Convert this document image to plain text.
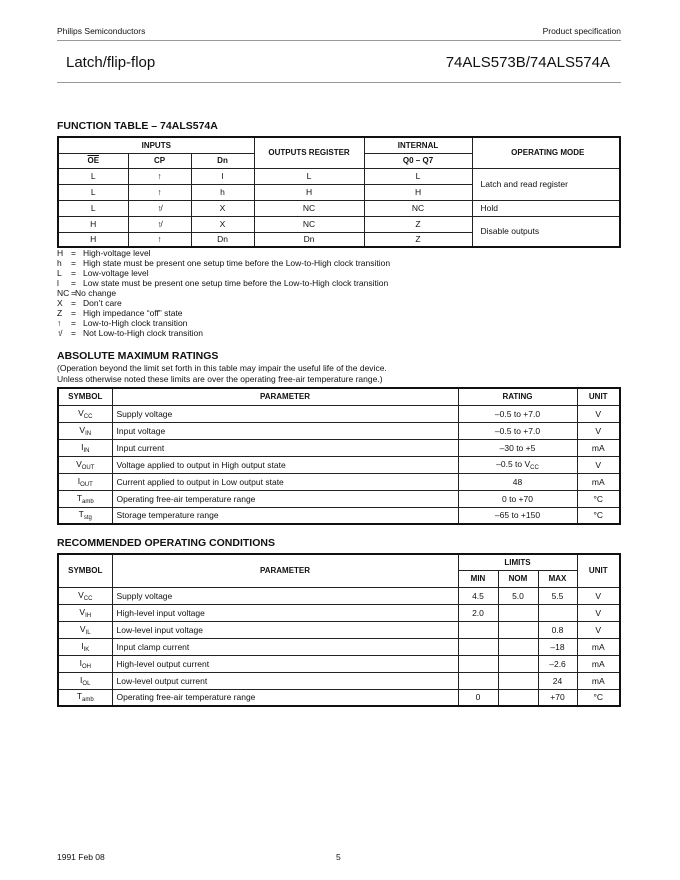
Philips Semiconductors	Product specification
Latch/flip-flop	74ALS573B/74ALS574A
FUNCTION TABLE – 74ALS574A
INPUTS			OUTPUTS REGISTER	INTERNAL	OPERATING MODE
$\overline{OE}$	CP	Dn		Q0 – Q7	
L	↑	l	L	L	Latch and read register
L	↑	h	H	H	
L	↑̸	X	NC	NC	Hold
H	↑̸	X	NC	Z	Disable outputs
H	↑	Dn	Dn	Z	
H = High-voltage level
h = High state must be present one setup time before the Low-to-High clock transition
L = Low-voltage level
l = Low state must be present one setup time before the Low-to-High clock transition
NC =No change
X = Don’t care
Z = High impedance “off” state
↑ = Low-to-High clock transition
↑̸ = Not Low-to-High clock transition
ABSOLUTE MAXIMUM RATINGS
(Operation beyond the limit set forth in this table may impair the useful life of the device.
Unless otherwise noted these limits are over the operating free-air temperature range.)
SYMBOL	PARAMETER	RATING	UNIT
$V_{CC}$	Supply voltage	–0.5 to +7.0	V
$V_{IN}$	Input voltage	–0.5 to +7.0	V
$I_{IN}$	Input current	–30 to +5	mA
$V_{OUT}$	Voltage applied to output in High output state	–0.5 to $V_{CC}$	V
$I_{OUT}$	Current applied to output in Low output state	48	mA
$T_{amb}$	Operating free-air temperature range	0 to +70	°C
$T_{stg}$	Storage temperature range	–65 to +150	°C
RECOMMENDED OPERATING CONDITIONS
SYMBOL	PARAMETER	LIMITS			UNIT
		MIN	NOM	MAX	
$V_{CC}$	Supply voltage	4.5	5.0	5.5	V
$V_{IH}$	High-level input voltage	2.0			V
$V_{IL}$	Low-level input voltage			0.8	V
$I_{IK}$	Input clamp current			–18	mA
$I_{OH}$	High-level output current			–2.6	mA
$I_{OL}$	Low-level output current			24	mA
$T_{amb}$	Operating free-air temperature range	0		+70	°C
1991 Feb 08	5
